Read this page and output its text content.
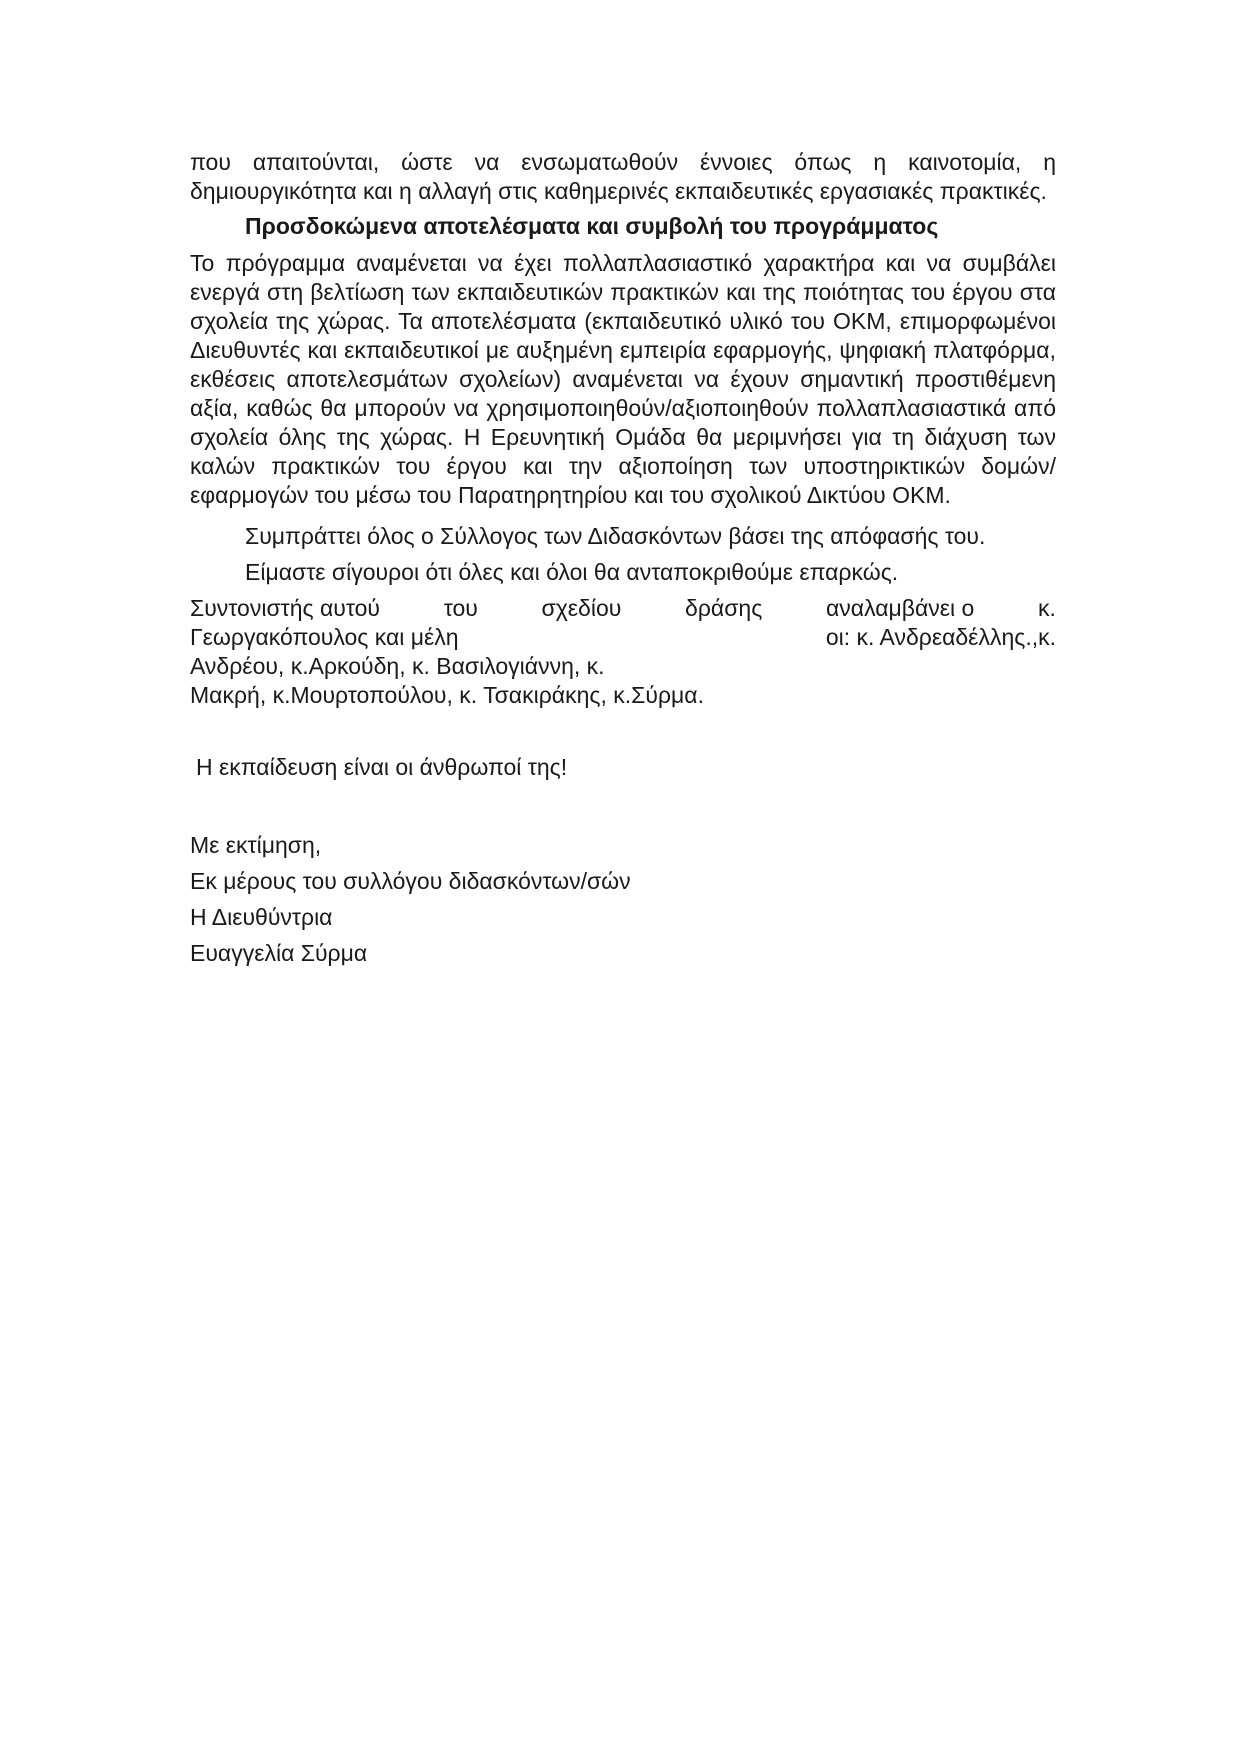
που απαιτούνται, ώστε να ενσωματωθούν έννοιες όπως η καινοτομία, η δημιουργικότητα και η αλλαγή στις καθημερινές εκπαιδευτικές εργασιακές πρακτικές.

Προσδοκώμενα αποτελέσματα και συμβολή του προγράμματος

Το πρόγραμμα αναμένεται να έχει πολλαπλασιαστικό χαρακτήρα και να συμβάλει ενεργά στη βελτίωση των εκπαιδευτικών πρακτικών και της ποιότητας του έργου στα σχολεία της χώρας. Τα αποτελέσματα (εκπαιδευτικό υλικό του ΟΚΜ, επιμορφωμένοι Διευθυντές και εκπαιδευτικοί με αυξημένη εμπειρία εφαρμογής, ψηφιακή πλατφόρμα, εκθέσεις αποτελεσμάτων σχολείων) αναμένεται να έχουν σημαντική προστιθέμενη αξία, καθώς θα μπορούν να χρησιμοποιηθούν/αξιοποιηθούν πολλαπλασιαστικά από σχολεία όλης της χώρας. Η Ερευνητική Ομάδα θα μεριμνήσει για τη διάχυση των καλών πρακτικών του έργου και την αξιοποίηση των υποστηρικτικών δομών/εφαρμογών του μέσω του Παρατηρητηρίου και του σχολικού Δικτύου ΟΚΜ.

Συμπράττει όλος ο Σύλλογος των Διδασκόντων βάσει της απόφασής του.

Είμαστε σίγουροι ότι όλες και όλοι θα ανταποκριθούμε επαρκώς.

Συντονιστής αυτού	του	σχεδίου	δράσης	αναλαμβάνει ο	κ.
Γεωργακόπουλος και μέλη	οι: κ. Ανδρεαδέλλης.,κ.
Ανδρέου, κ.Αρκούδη, κ. Βασιλογιάννη, κ.
Μακρή, κ.Μουρτοπούλου, κ. Τσακιράκης, κ.Σύρμα.

Η εκπαίδευση είναι οι άνθρωποί της!

Με εκτίμηση,

Εκ μέρους του συλλόγου διδασκόντων/σών

Η Διευθύντρια

Ευαγγελία Σύρμα
